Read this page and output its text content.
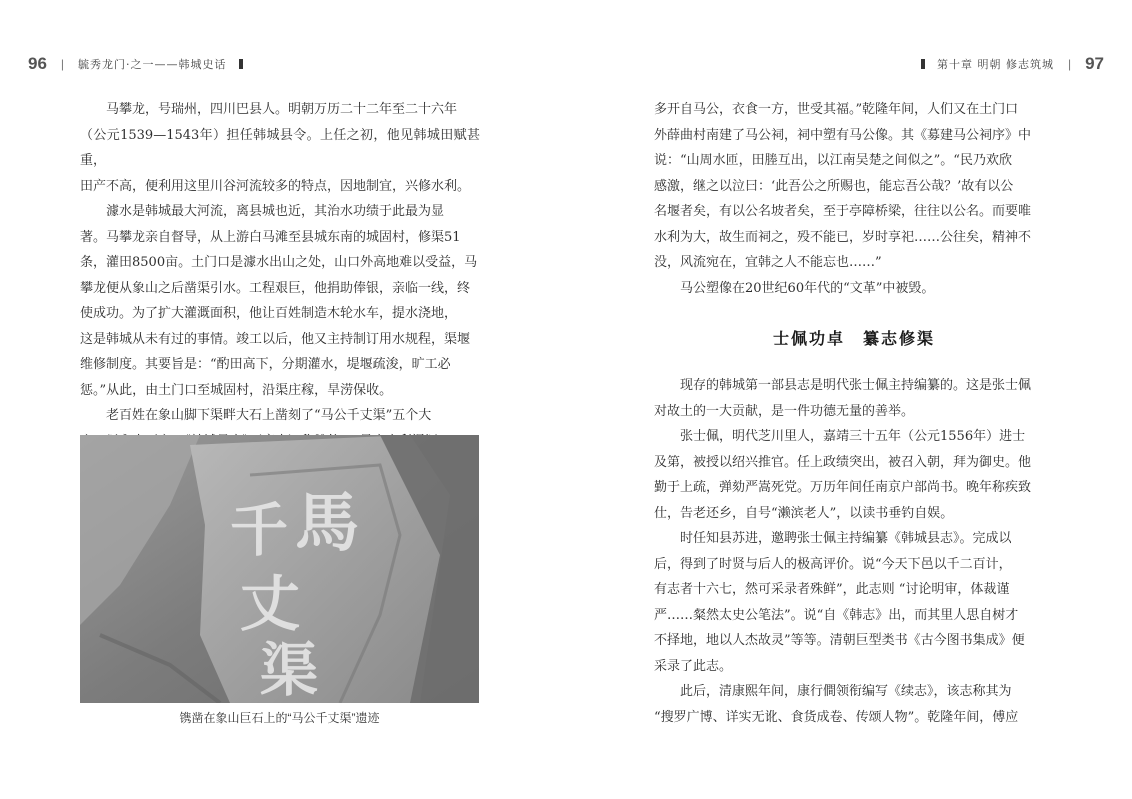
96 | 毓秀龙门·之一——韩城史话
马攀龙，号瑞州，四川巴县人。明朝万历二十二年至二十六年
（公元1539—1543年）担任韩城县令。上任之初，他见韩城田赋甚重，
田产不高，便利用这里川谷河流较多的特点，因地制宜，兴修水利。
澽水是韩城最大河流，离县城也近，其治水功绩于此最为显
著。马攀龙亲自督导，从上游白马滩至县城东南的城固村，修渠51
条，灌田8500亩。土门口是澽水出山之处，山口外高地难以受益，马
攀龙便从象山之后凿渠引水。工程艰巨，他捐助俸银，亲临一线，终
使成功。为了扩大灌溉面积，他让百姓制造木轮水车，提水浇地，
这是韩城从未有过的事情。竣工以后，他又主持制订用水规程，渠堰
维修制度。其要旨是：“酌田高下，分期灌水，堤堰疏浚，旷工必
惩。”从此，由土门口至城固村，沿渠庄稼，旱涝保收。
老百姓在象山脚下渠畔大石上凿刻了“马公千丈渠”五个大
千 馬
丈
渠
镌凿在象山巨石上的“马公千丈渠”遗迹
第十章 明朝 修志筑城 | 97
多开自马公，衣食一方，世受其福。”乾隆年间，人们又在土门口
外薛曲村南建了马公祠，祠中塑有马公像。其《募建马公祠序》中
说：“山周水匝，田塍互出，以江南吴楚之间似之”。“民乃欢欣
感激，继之以泣曰：‘此吾公之所赐也，能忘吾公哉？’故有以公
名堰者矣，有以公名坡者矣，至于亭障桥梁，往往以公名。而要唯
水利为大，故生而祠之，殁不能已，岁时享祀……公往矣，精神不
没，风流宛在，宜韩之人不能忘也……”
马公塑像在20世纪60年代的“文革”中被毁。
士佩功卓　纂志修渠
现存的韩城第一部县志是明代张士佩主持编纂的。这是张士佩
对故土的一大贡献，是一件功德无量的善举。
张士佩，明代芝川里人，嘉靖三十五年（公元1556年）进士
及第，被授以绍兴推官。任上政绩突出，被召入朝，拜为御史。他
勤于上疏，弹劾严嵩死党。万历年间任南京户部尚书。晚年称疾致
仕，告老还乡，自号“濑滨老人”，以读书垂钓自娱。
时任知县苏进，邀聘张士佩主持编纂《韩城县志》。完成以
后，得到了时贤与后人的极高评价。说“今天下邑以千二百计，
有志者十六七，然可采录者殊鲜”，此志则 “讨论明审，体裁谨
严……粲然太史公笔法”。说“自《韩志》出，而其里人思自树才
不择地，地以人杰故灵”等等。清朝巨型类书《古今图书集成》便
采录了此志。
此后，清康熙年间，康行僴领衔编写《续志》，该志称其为
“搜罗广博、详实无讹、食货成卷、传颂人物”。乾隆年间，傅应
